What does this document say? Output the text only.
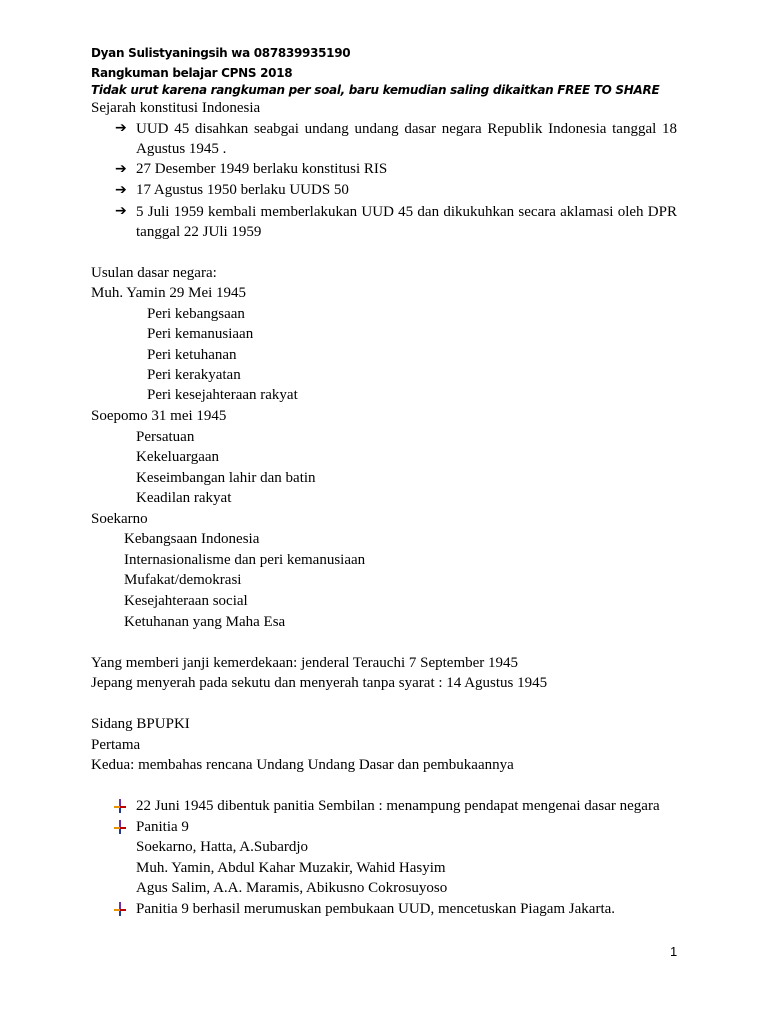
Dyan Sulistyaningsih wa 087839935190
Rangkuman belajar CPNS 2018
Tidak urut karena rangkuman per soal, baru kemudian saling dikaitkan FREE TO SHARE
Sejarah konstitusi Indonesia
➔ UUD 45 disahkan seabgai undang undang dasar negara Republik Indonesia tanggal 18 Agustus 1945 .
➔ 27 Desember 1949 berlaku konstitusi RIS
➔ 17 Agustus 1950 berlaku UUDS 50
➔ 5 Juli 1959 kembali memberlakukan UUD 45 dan dikukuhkan secara aklamasi oleh DPR tanggal 22 JUli 1959
Usulan dasar negara:
Muh. Yamin 29 Mei 1945
Peri kebangsaan
Peri kemanusiaan
Peri ketuhanan
Peri kerakyatan
Peri kesejahteraan rakyat
Soepomo 31 mei 1945
Persatuan
Kekeluargaan
Keseimbangan lahir dan batin
Keadilan rakyat
Soekarno
Kebangsaan Indonesia
Internasionalisme dan peri kemanusiaan
Mufakat/demokrasi
Kesejahteraan social
Ketuhanan yang Maha Esa
Yang memberi janji kemerdekaan: jenderal Terauchi 7 September 1945
Jepang menyerah pada sekutu dan menyerah tanpa syarat : 14 Agustus 1945
Sidang BPUPKI
Pertama
Kedua: membahas rencana Undang Undang Dasar dan pembukaannya
22 Juni 1945 dibentuk panitia Sembilan : menampung pendapat mengenai dasar negara
Panitia 9
Soekarno, Hatta, A.Subardjo
Muh. Yamin, Abdul Kahar Muzakir, Wahid Hasyim
Agus Salim, A.A. Maramis, Abikusno Cokrosuyoso
Panitia 9 berhasil merumuskan pembukaan UUD, mencetuskan Piagam Jakarta.
1
